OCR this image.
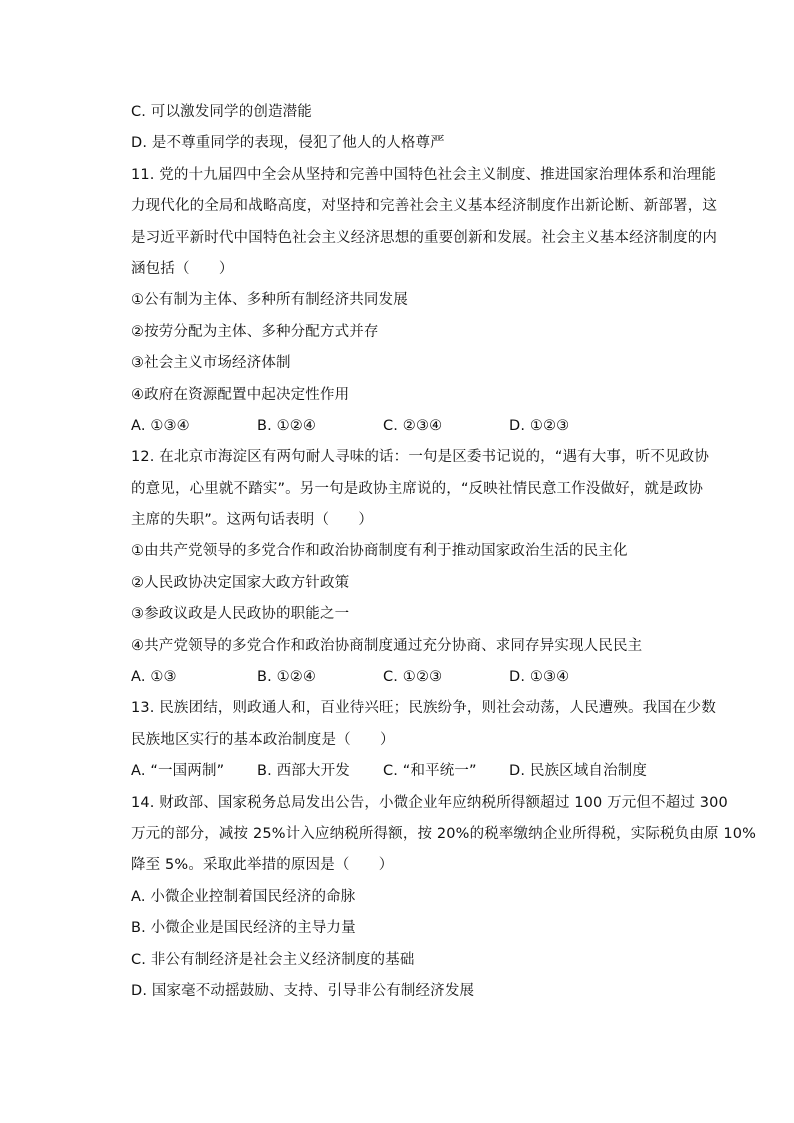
C. 可以激发同学的创造潜能
D. 是不尊重同学的表现，侵犯了他人的人格尊严
11. 党的十九届四中全会从坚持和完善中国特色社会主义制度、推进国家治理体系和治理能
力现代化的全局和战略高度，对坚持和完善社会主义基本经济制度作出新论断、新部署，这
是习近平新时代中国特色社会主义经济思想的重要创新和发展。社会主义基本经济制度的内
涵包括（　　）
①公有制为主体、多种所有制经济共同发展
②按劳分配为主体、多种分配方式并存
③社会主义市场经济体制
④政府在资源配置中起决定性作用
A. ①③④	B. ①②④	C. ②③④	D. ①②③
12. 在北京市海淀区有两句耐人寻味的话：一句是区委书记说的，“遇有大事，听不见政协
的意见，心里就不踏实”。另一句是政协主席说的，“反映社情民意工作没做好，就是政协
主席的失职”。这两句话表明（　　）
①由共产党领导的多党合作和政治协商制度有利于推动国家政治生活的民主化
②人民政协决定国家大政方针政策
③参政议政是人民政协的职能之一
④共产党领导的多党合作和政治协商制度通过充分协商、求同存异实现人民民主
A. ①③	B. ①②④	C. ①②③	D. ①③④
13. 民族团结，则政通人和，百业待兴旺；民族纷争，则社会动荡，人民遭殃。我国在少数
民族地区实行的基本政治制度是（　　）
A. “一国两制”	B. 西部大开发	C. “和平统一”	D. 民族区域自治制度
14. 财政部、国家税务总局发出公告，小微企业年应纳税所得额超过 100 万元但不超过 300
万元的部分，减按 25%计入应纳税所得额，按 20%的税率缴纳企业所得税，实际税负由原 10%
降至 5%。采取此举措的原因是（　　）
A. 小微企业控制着国民经济的命脉
B. 小微企业是国民经济的主导力量
C. 非公有制经济是社会主义经济制度的基础
D. 国家毫不动摇鼓励、支持、引导非公有制经济发展
